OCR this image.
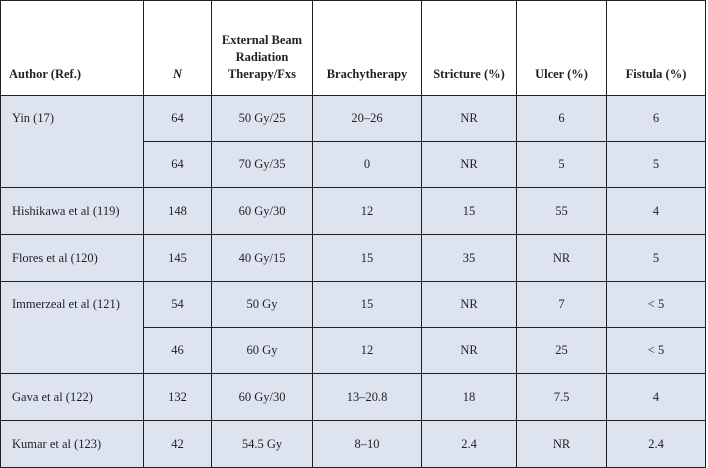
Author (Ref.)	N	External Beam Radiation Therapy/Fxs	Brachytherapy	Stricture (%)	Ulcer (%)	Fistula (%)
Yin (17)	64	50 Gy/25	20–26	NR	6	6
	64	70 Gy/35	0	NR	5	5
Hishikawa et al (119)	148	60 Gy/30	12	15	55	4
Flores et al (120)	145	40 Gy/15	15	35	NR	5
Immerzeal et al (121)	54	50 Gy	15	NR	7	< 5
	46	60 Gy	12	NR	25	< 5
Gava et al (122)	132	60 Gy/30	13–20.8	18	7.5	4
Kumar et al (123)	42	54.5 Gy	8–10	2.4	NR	2.4
